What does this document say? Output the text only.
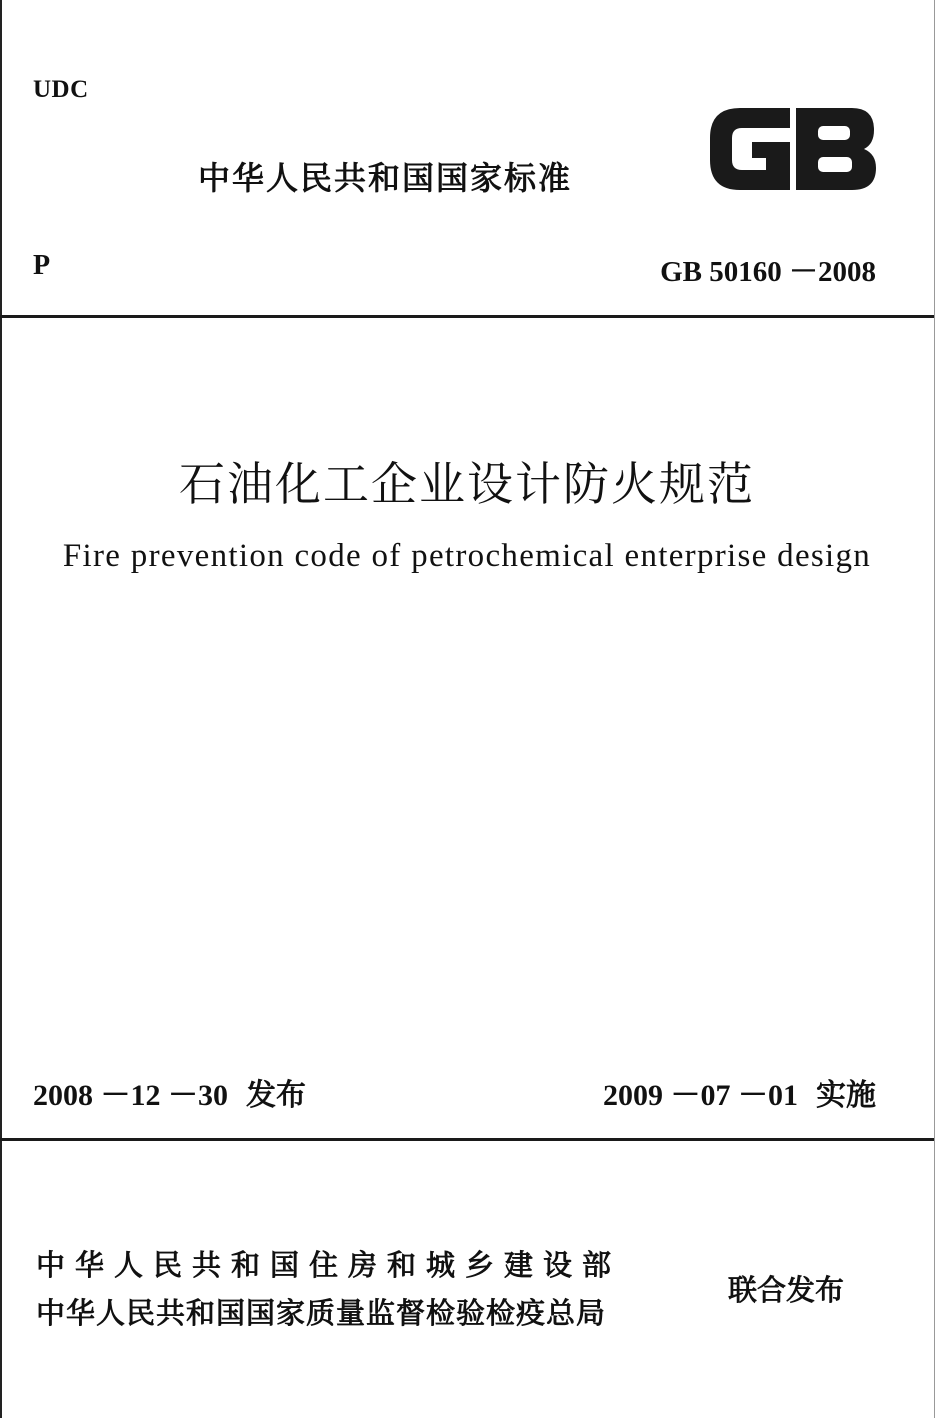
UDC
中华人民共和国国家标准
P	GB 50160 －2008
石油化工企业设计防火规范
Fire prevention code of petrochemical enterprise design
2008 －12 －30 发布	2009 －07 －01 实施
中华人民共和国住房和城乡建设部
中华人民共和国国家质量监督检验检疫总局
联合发布
